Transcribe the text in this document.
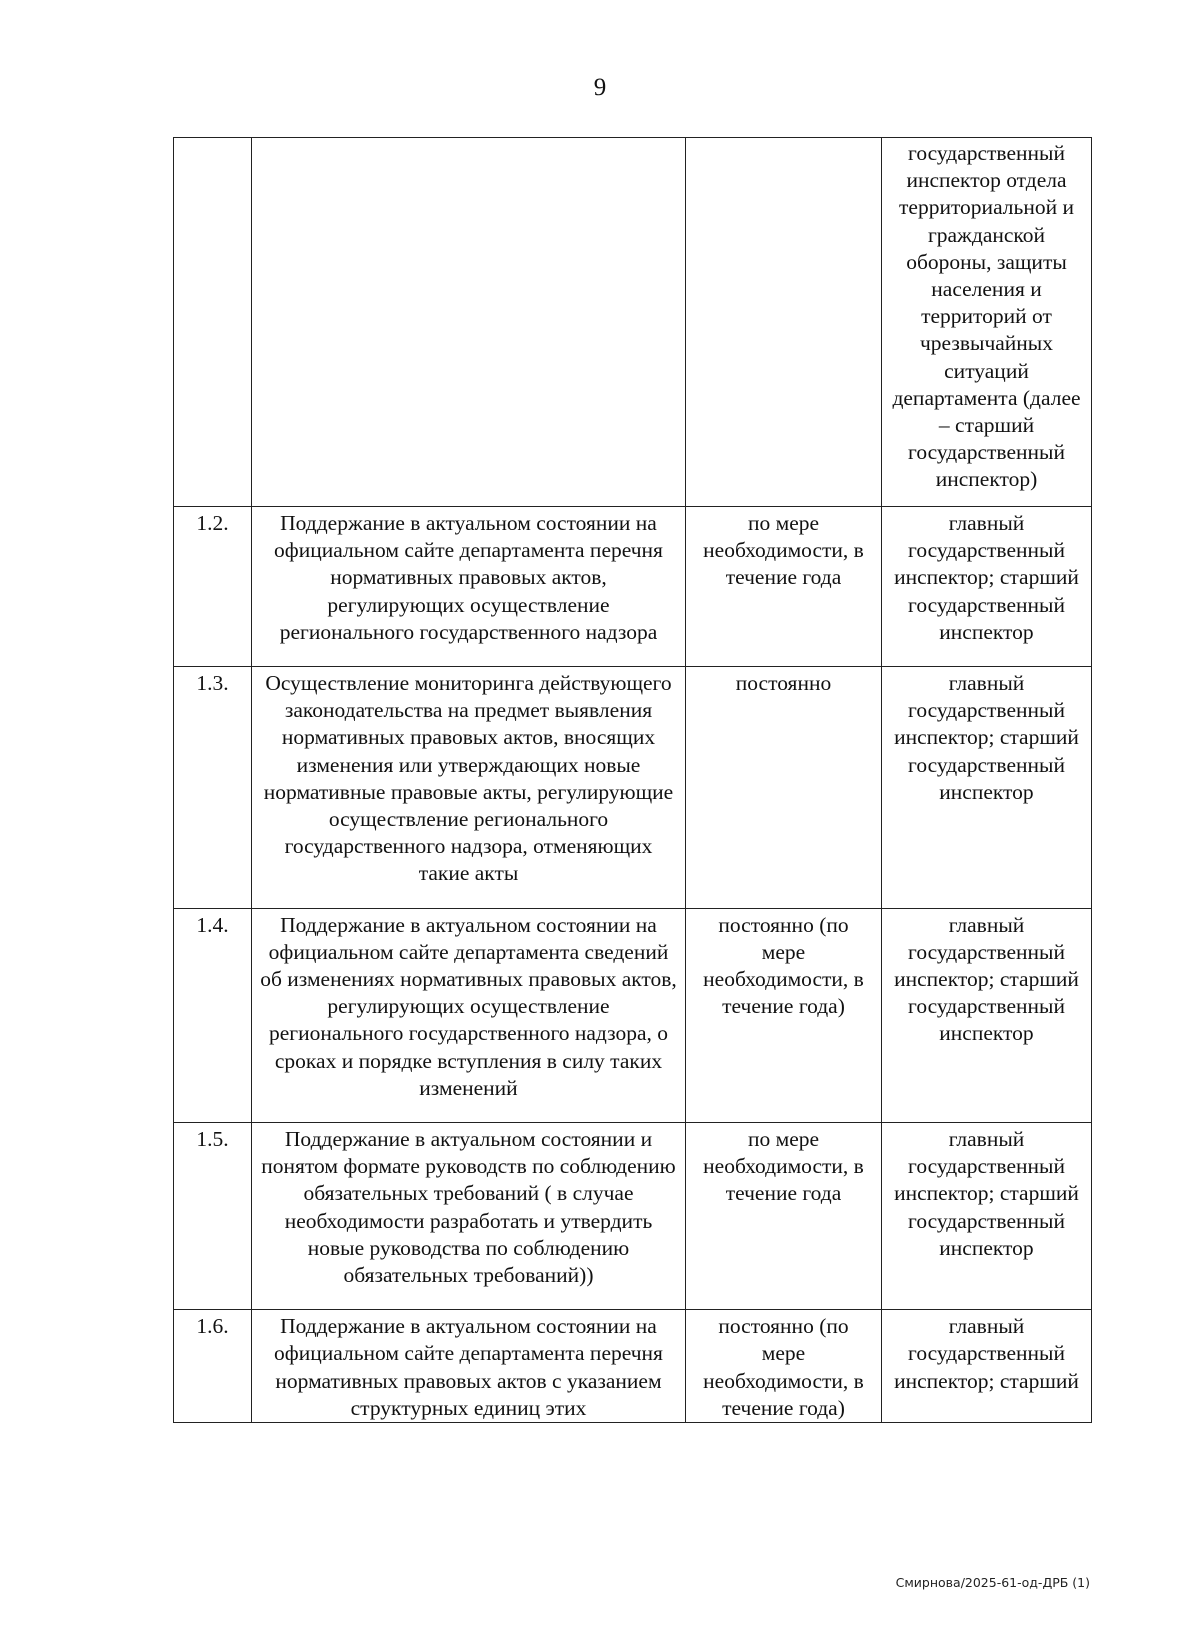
9
			государственный инспектор отдела территориальной и гражданской обороны, защиты населения и территорий от чрезвычайных ситуаций департамента (далее – старший государственный инспектор)
1.2.	Поддержание в актуальном состоянии на официальном сайте департамента перечня нормативных правовых актов, регулирующих осуществление регионального государственного надзора	по мере необходимости, в течение года	главный государственный инспектор; старший государственный инспектор
1.3.	Осуществление мониторинга действующего законодательства на предмет выявления нормативных правовых актов, вносящих изменения или утверждающих новые нормативные правовые акты, регулирующие осуществление регионального государственного надзора, отменяющих такие акты	постоянно	главный государственный инспектор; старший государственный инспектор
1.4.	Поддержание в актуальном состоянии на официальном сайте департамента сведений об изменениях нормативных правовых актов, регулирующих осуществление регионального государственного надзора, о сроках и порядке вступления в силу таких изменений	постоянно (по мере необходимости, в течение года)	главный государственный инспектор; старший государственный инспектор
1.5.	Поддержание в актуальном состоянии и понятом формате руководств по соблюдению обязательных требований ( в случае необходимости разработать и утвердить новые руководства по соблюдению обязательных требований))	по мере необходимости, в течение года	главный государственный инспектор; старший государственный инспектор
1.6.	Поддержание в актуальном состоянии на официальном сайте департамента перечня нормативных правовых актов с указанием структурных единиц этих	постоянно (по мере необходимости, в течение года)	главный государственный инспектор; старший
Смирнова/2025-61-од-ДРБ (1)
